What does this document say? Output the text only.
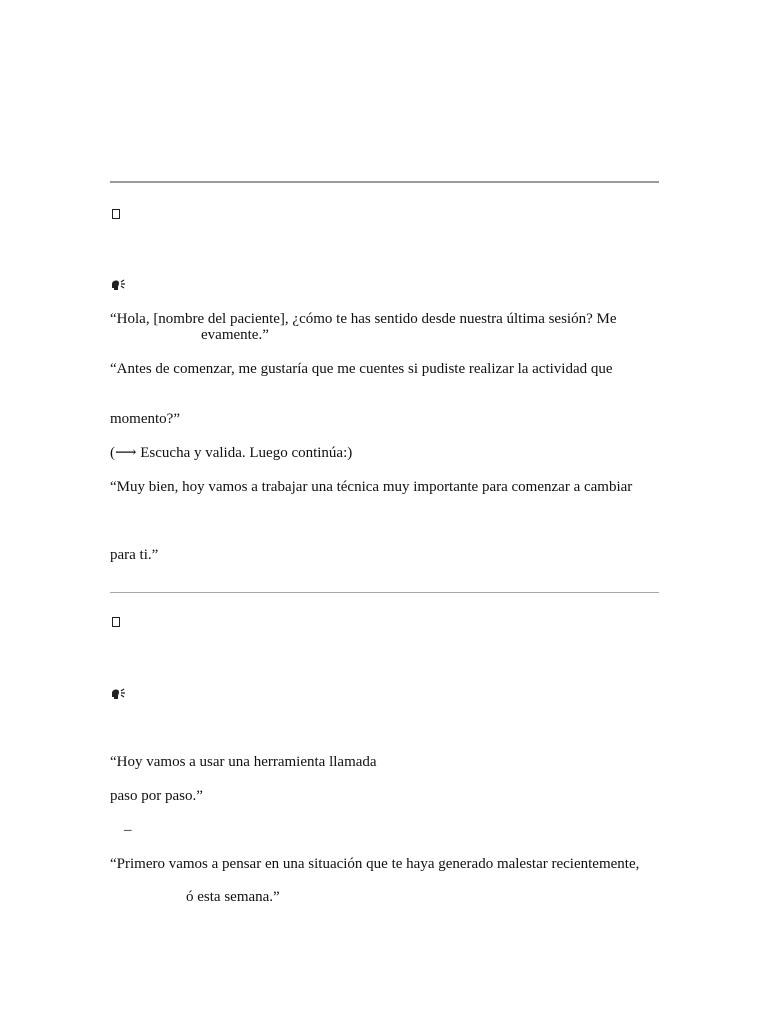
“Hola, [nombre del paciente], ¿cómo te has sentido desde nuestra última sesión? Me
evamente.”
“Antes de comenzar, me gustaría que me cuentes si pudiste realizar la actividad que
momento?”
(⟶ Escucha y valida. Luego continúa:)
“Muy bien, hoy vamos a trabajar una técnica muy importante para comenzar a cambiar
para ti.”
“Hoy vamos a usar una herramienta llamada
paso por paso.”
–
“Primero vamos a pensar en una situación que te haya generado malestar recientemente,
ó esta semana.”
